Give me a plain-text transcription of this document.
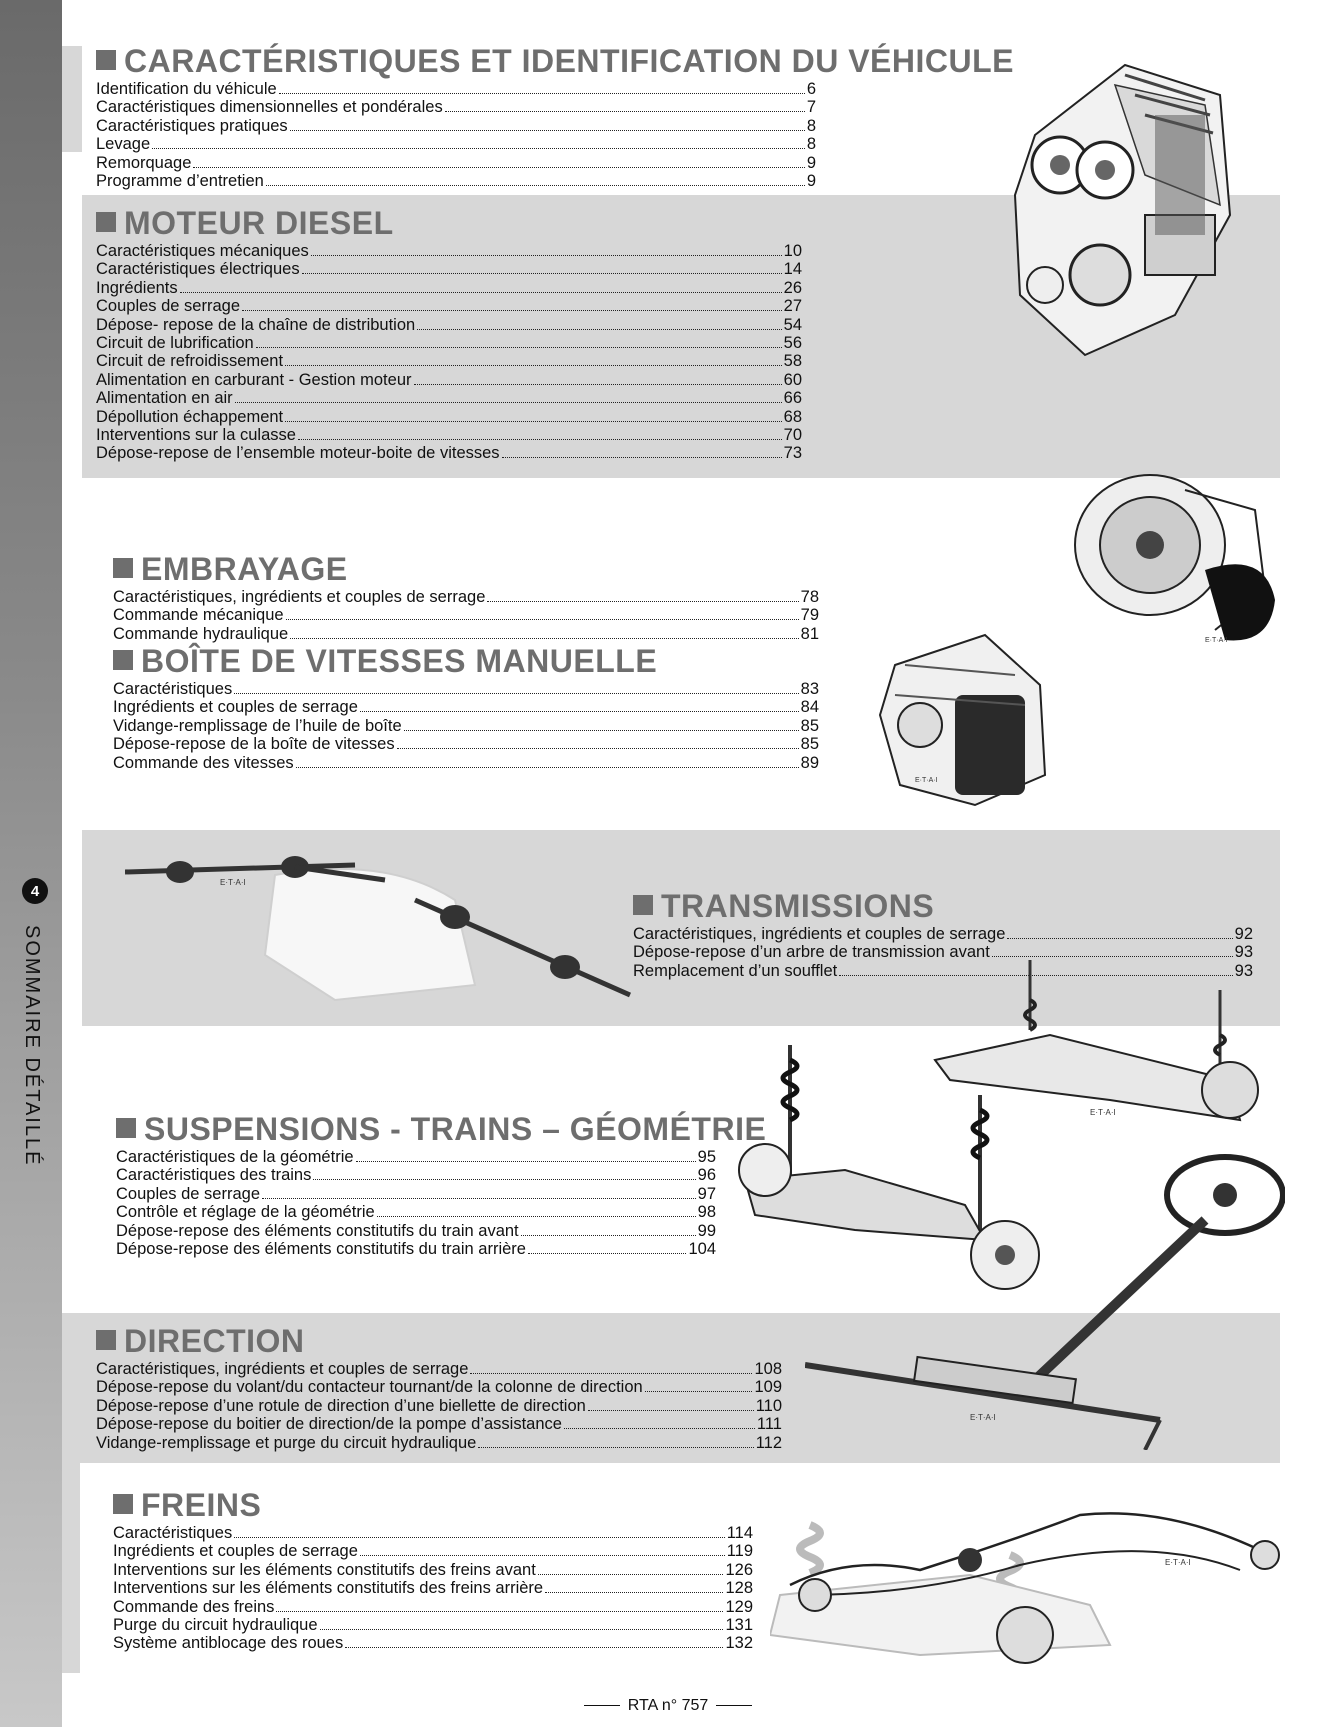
4
SOMMAIRE DÉTAILLÉ
CARACTÉRISTIQUES ET IDENTIFICATION DU VÉHICULE
Identification du véhicule	6
Caractéristiques dimensionnelles et pondérales	7
Caractéristiques pratiques	8
Levage	8
Remorquage	9
Programme d’entretien	9
MOTEUR DIESEL
Caractéristiques mécaniques	10
Caractéristiques électriques	14
Ingrédients	26
Couples de serrage	27
Dépose- repose de la chaîne de distribution	54
Circuit de lubrification	56
Circuit de refroidissement	58
Alimentation en carburant - Gestion moteur	60
Alimentation en air	66
Dépollution échappement	68
Interventions sur la culasse	70
Dépose-repose de l’ensemble moteur-boite de vitesses	73
EMBRAYAGE
Caractéristiques, ingrédients et couples de serrage	78
Commande mécanique	79
Commande hydraulique	81
BOÎTE DE VITESSES MANUELLE
Caractéristiques	83
Ingrédients et couples de serrage	84
Vidange-remplissage de l’huile de boîte	85
Dépose-repose de la boîte de vitesses	85
Commande des vitesses	89
TRANSMISSIONS
Caractéristiques, ingrédients et couples de serrage	92
Dépose-repose d’un arbre de transmission avant	93
Remplacement d’un soufflet	93
SUSPENSIONS - TRAINS – GÉOMÉTRIE
Caractéristiques de la géométrie	95
Caractéristiques des trains	96
Couples de serrage	97
Contrôle et réglage de la géométrie	98
Dépose-repose des éléments constitutifs du train avant	99
Dépose-repose des éléments constitutifs du train arrière	104
DIRECTION
Caractéristiques, ingrédients et couples de serrage	108
Dépose-repose du volant/du contacteur tournant/de la colonne de direction	109
Dépose-repose d’une rotule de direction d’une biellette de direction	110
Dépose-repose du boitier de direction/de la pompe d’assistance	111
Vidange-remplissage et purge du circuit hydraulique	112
FREINS
Caractéristiques	114
Ingrédients et couples de serrage	119
Interventions sur les éléments constitutifs des freins avant	126
Interventions sur les éléments constitutifs des freins arrière	128
Commande des freins	129
Purge du circuit hydraulique	131
Système antiblocage des roues	132
E·T·A·I
E·T·A·I
E·T·A·I
E·T·A·I
E·T·A·I
E·T·A·I
RTA n° 757
